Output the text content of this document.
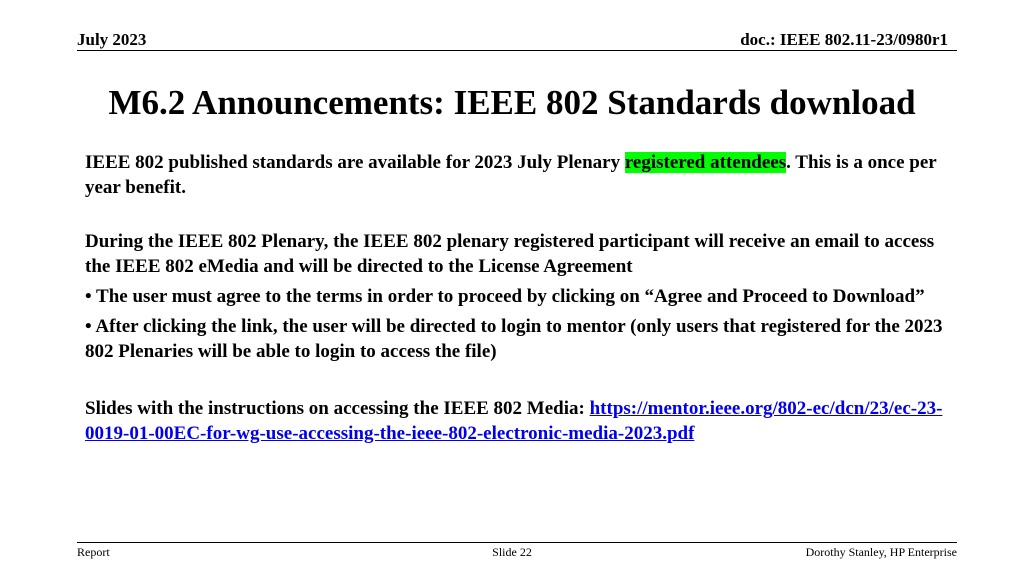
July 2023	doc.: IEEE 802.11-23/0980r1
M6.2 Announcements: IEEE 802 Standards download

IEEE 802 published standards are available for 2023 July Plenary registered attendees. This is a once per year benefit.

During the IEEE 802 Plenary, the IEEE 802 plenary registered participant will receive an email to access the IEEE 802 eMedia and will be directed to the License Agreement

• The user must agree to the terms in order to proceed by clicking on “Agree and Proceed to Download”

• After clicking the link, the user will be directed to login to mentor (only users that registered for the 2023 802 Plenaries will be able to login to access the file)

Slides with the instructions on accessing the IEEE 802 Media: https://mentor.ieee.org/802-ec/dcn/23/ec-23-0019-01-00EC-for-wg-use-accessing-the-ieee-802-electronic-media-2023.pdf

Report	Slide 22	Dorothy Stanley, HP Enterprise
